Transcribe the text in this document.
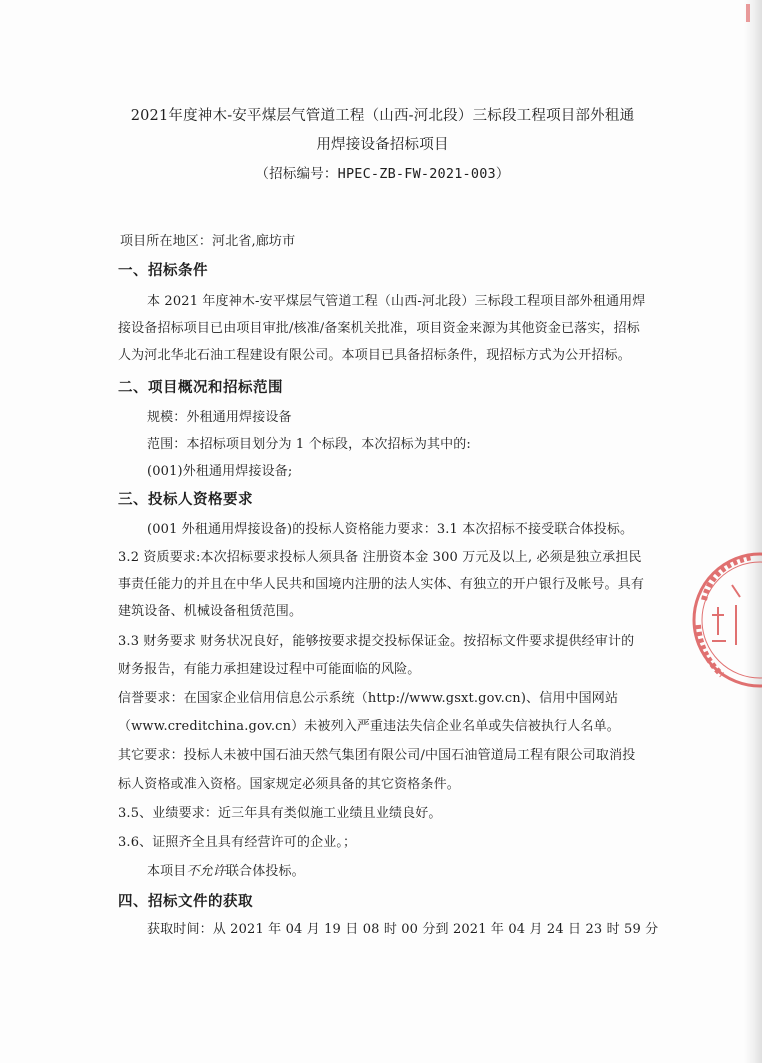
2021年度神木-安平煤层气管道工程（山西-河北段）三标段工程项目部外租通
用焊接设备招标项目
（招标编号：HPEC-ZB-FW-2021-003）
项目所在地区：河北省,廊坊市
一、招标条件
本 2021 年度神木-安平煤层气管道工程（山西-河北段）三标段工程项目部外租通用焊
接设备招标项目已由项目审批/核准/备案机关批准，项目资金来源为其他资金已落实，招标
人为河北华北石油工程建设有限公司。本项目已具备招标条件，现招标方式为公开招标。
二、项目概况和招标范围
规模：外租通用焊接设备
范围：本招标项目划分为 1 个标段，本次招标为其中的:
(001)外租通用焊接设备;
三、投标人资格要求
(001 外租通用焊接设备)的投标人资格能力要求：3.1 本次招标不接受联合体投标。
3.2 资质要求:本次招标要求投标人须具备 注册资本金 300 万元及以上, 必须是独立承担民
事责任能力的并且在中华人民共和国境内注册的法人实体、有独立的开户银行及帐号。具有
建筑设备、机械设备租赁范围。
3.3 财务要求 财务状况良好，能够按要求提交投标保证金。按招标文件要求提供经审计的
财务报告，有能力承担建设过程中可能面临的风险。
信誉要求：在国家企业信用信息公示系统（http://www.gsxt.gov.cn)、信用中国网站
（www.creditchina.gov.cn）未被列入严重违法失信企业名单或失信被执行人名单。
其它要求：投标人未被中国石油天然气集团有限公司/中国石油管道局工程有限公司取消投
标人资格或准入资格。国家规定必须具备的其它资格条件。
3.5、业绩要求：近三年具有类似施工业绩且业绩良好。
3.6、证照齐全且具有经营许可的企业。；
本项目不允许联合体投标。
四、招标文件的获取
获取时间：从 2021 年 04 月 19 日 08 时 00 分到 2021 年 04 月 24 日 23 时 59 分
